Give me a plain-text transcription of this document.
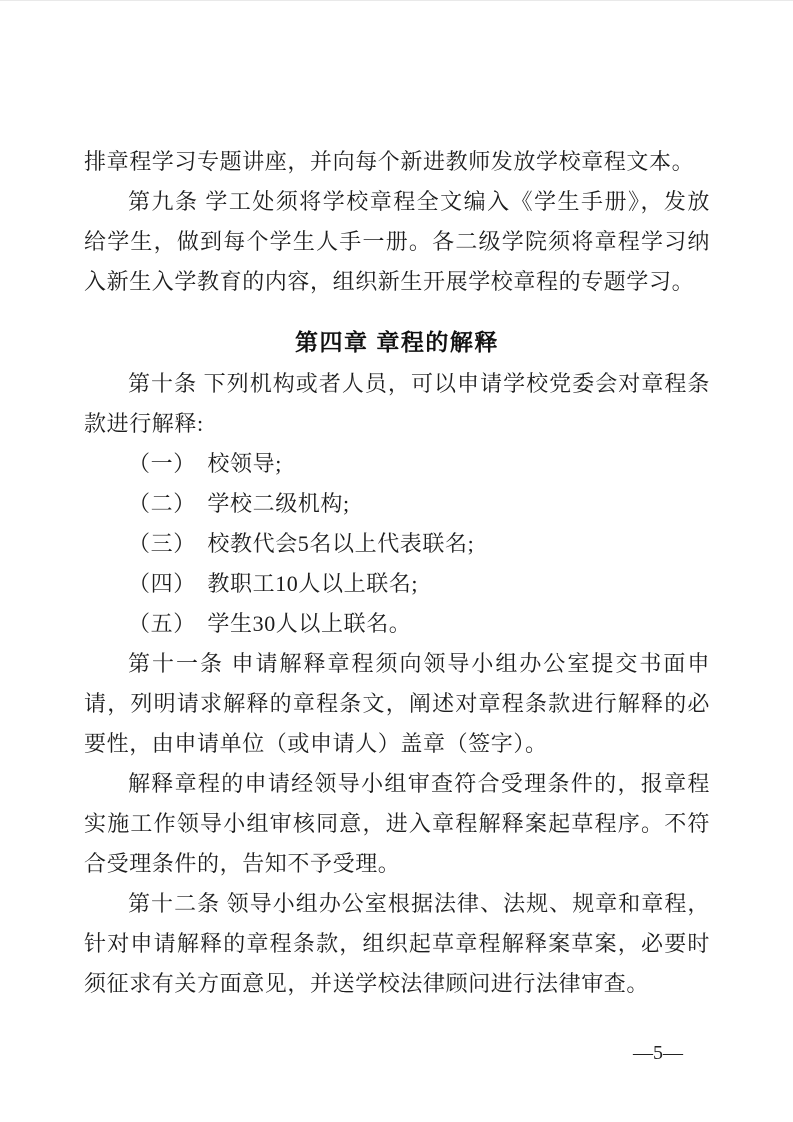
排章程学习专题讲座，并向每个新进教师发放学校章程文本。

第九条 学工处须将学校章程全文编入《学生手册》，发放给学生，做到每个学生人手一册。各二级学院须将章程学习纳入新生入学教育的内容，组织新生开展学校章程的专题学习。

第四章 章程的解释

第十条 下列机构或者人员，可以申请学校党委会对章程条款进行解释:

（一）　校领导;

（二）　学校二级机构;

（三）　校教代会5名以上代表联名;

（四）　教职工10人以上联名;

（五）　学生30人以上联名。

第十一条 申请解释章程须向领导小组办公室提交书面申请，列明请求解释的章程条文，阐述对章程条款进行解释的必要性，由申请单位（或申请人）盖章（签字）。

解释章程的申请经领导小组审查符合受理条件的，报章程实施工作领导小组审核同意，进入章程解释案起草程序。不符合受理条件的，告知不予受理。

第十二条 领导小组办公室根据法律、法规、规章和章程，针对申请解释的章程条款，组织起草章程解释案草案，必要时须征求有关方面意见，并送学校法律顾问进行法律审查。

—5—
